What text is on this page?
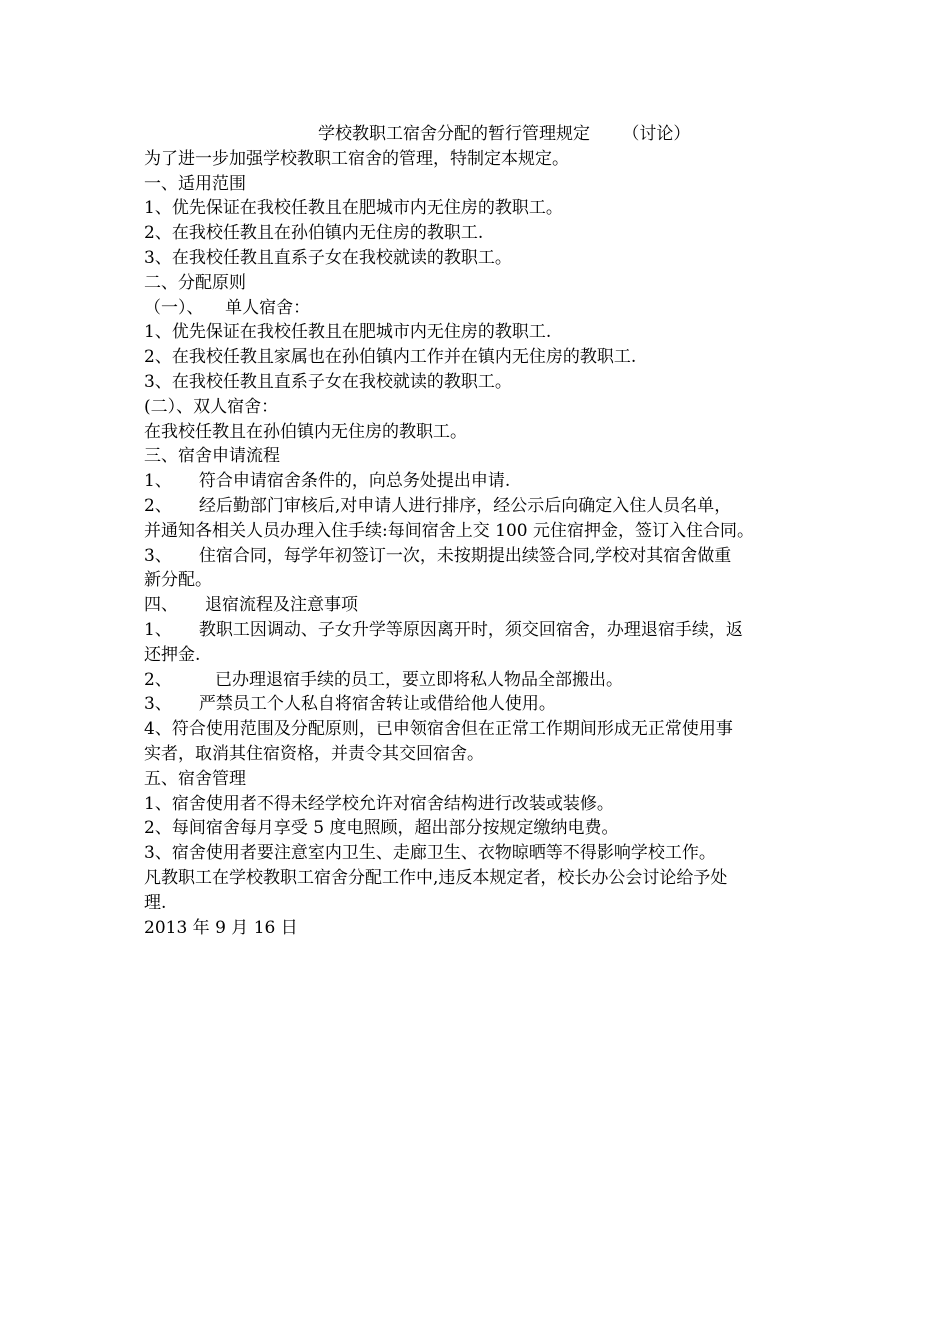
学校教职工宿舍分配的暂行管理规定      （讨论）
为了进一步加强学校教职工宿舍的管理，特制定本规定。
一、适用范围
1、优先保证在我校任教且在肥城市内无住房的教职工。
2、在我校任教且在孙伯镇内无住房的教职工.
3、在我校任教且直系子女在我校就读的教职工。
二、分配原则
（一）、    单人宿舍：
1、优先保证在我校任教且在肥城市内无住房的教职工.
2、在我校任教且家属也在孙伯镇内工作并在镇内无住房的教职工.
3、在我校任教且直系子女在我校就读的教职工。
(二）、双人宿舍：
在我校任教且在孙伯镇内无住房的教职工。
三、宿舍申请流程
1、     符合申请宿舍条件的，向总务处提出申请.
2、     经后勤部门审核后,对申请人进行排序，经公示后向确定入住人员名单，
并通知各相关人员办理入住手续:每间宿舍上交 100 元住宿押金，签订入住合同。
3、     住宿合同，每学年初签订一次，未按期提出续签合同,学校对其宿舍做重
新分配。
四、     退宿流程及注意事项
1、     教职工因调动、子女升学等原因离开时，须交回宿舍，办理退宿手续，返
还押金.
2、        已办理退宿手续的员工，要立即将私人物品全部搬出。
3、     严禁员工个人私自将宿舍转让或借给他人使用。
4、符合使用范围及分配原则，已申领宿舍但在正常工作期间形成无正常使用事
实者，取消其住宿资格，并责令其交回宿舍。
五、宿舍管理
1、宿舍使用者不得未经学校允许对宿舍结构进行改装或装修。
2、每间宿舍每月享受 5 度电照顾，超出部分按规定缴纳电费。
3、宿舍使用者要注意室内卫生、走廊卫生、衣物晾晒等不得影响学校工作。
凡教职工在学校教职工宿舍分配工作中,违反本规定者，校长办公会讨论给予处
理.
2013 年 9 月 16 日
